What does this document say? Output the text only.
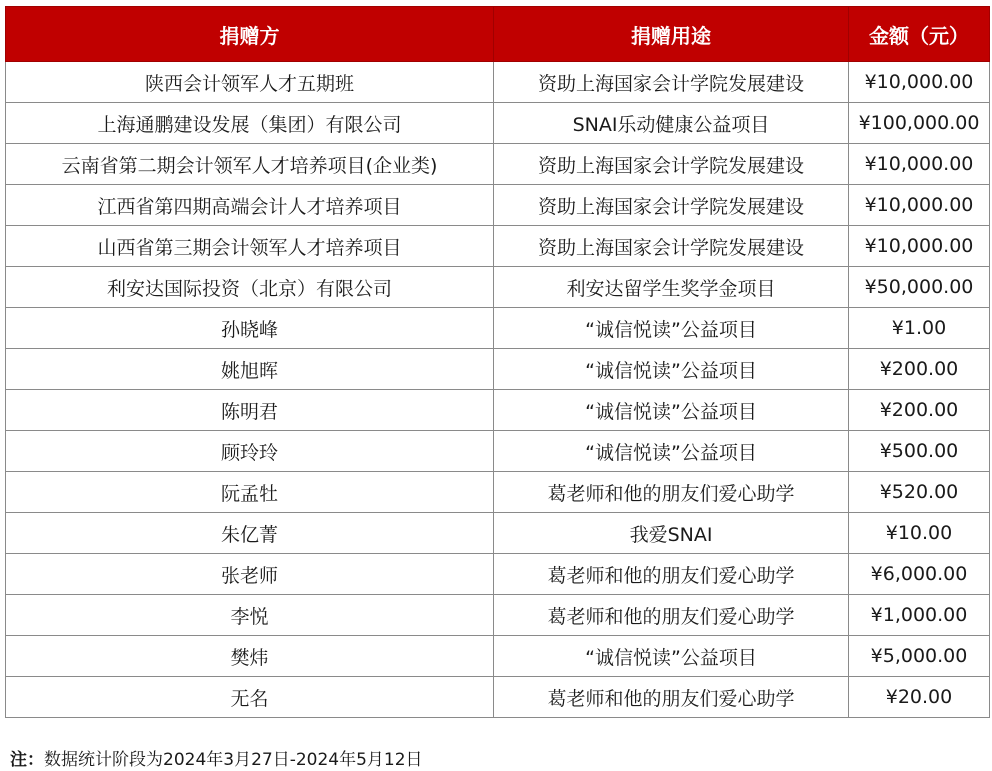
捐赠方	捐赠用途	金额（元）
陕西会计领军人才五期班	资助上海国家会计学院发展建设	¥10,000.00
上海通鹏建设发展（集团）有限公司	SNAI乐动健康公益项目	¥100,000.00
云南省第二期会计领军人才培养项目(企业类)	资助上海国家会计学院发展建设	¥10,000.00
江西省第四期高端会计人才培养项目	资助上海国家会计学院发展建设	¥10,000.00
山西省第三期会计领军人才培养项目	资助上海国家会计学院发展建设	¥10,000.00
利安达国际投资（北京）有限公司	利安达留学生奖学金项目	¥50,000.00
孙晓峰	“诚信悦读”公益项目	¥1.00
姚旭晖	“诚信悦读”公益项目	¥200.00
陈明君	“诚信悦读”公益项目	¥200.00
顾玲玲	“诚信悦读”公益项目	¥500.00
阮孟牡	葛老师和他的朋友们爱心助学	¥520.00
朱亿菁	我爱SNAI	¥10.00
张老师	葛老师和他的朋友们爱心助学	¥6,000.00
李悦	葛老师和他的朋友们爱心助学	¥1,000.00
樊炜	“诚信悦读”公益项目	¥5,000.00
无名	葛老师和他的朋友们爱心助学	¥20.00
注：数据统计阶段为2024年3月27日-2024年5月12日
